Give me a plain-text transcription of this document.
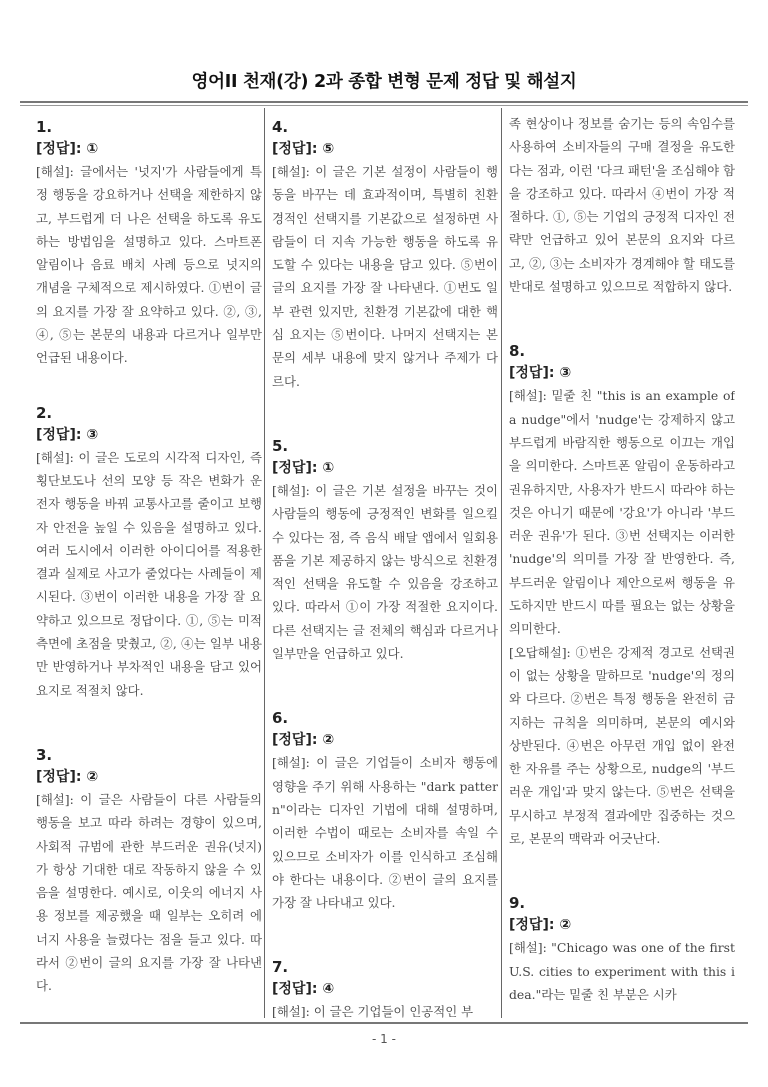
영어II 천재(강) 2과 종합 변형 문제 정답 및 해설지
1.
[정답]: ①

[해설]: 글에서는 '넛지'가 사람들에게 특정 행동을 강요하거나 선택을 제한하지 않고, 부드럽게 더 나은 선택을 하도록 유도하는 방법임을 설명하고 있다. 스마트폰 알림이나 음료 배치 사례 등으로 넛지의 개념을 구체적으로 제시하였다. ①번이 글의 요지를 가장 잘 요약하고 있다. ②, ③, ④, ⑤는 본문의 내용과 다르거나 일부만 언급된 내용이다.

2.
[정답]: ③

[해설]: 이 글은 도로의 시각적 디자인, 즉 횡단보도나 선의 모양 등 작은 변화가 운전자 행동을 바꿔 교통사고를 줄이고 보행자 안전을 높일 수 있음을 설명하고 있다. 여러 도시에서 이러한 아이디어를 적용한 결과 실제로 사고가 줄었다는 사례들이 제시된다. ③번이 이러한 내용을 가장 잘 요약하고 있으므로 정답이다. ①, ⑤는 미적 측면에 초점을 맞췄고, ②, ④는 일부 내용만 반영하거나 부차적인 내용을 담고 있어 요지로 적절치 않다.

3.
[정답]: ②

[해설]: 이 글은 사람들이 다른 사람들의 행동을 보고 따라 하려는 경향이 있으며, 사회적 규범에 관한 부드러운 권유(넛지)가 항상 기대한 대로 작동하지 않을 수 있음을 설명한다. 예시로, 이웃의 에너지 사용 정보를 제공했을 때 일부는 오히려 에너지 사용을 늘렸다는 점을 들고 있다. 따라서 ②번이 글의 요지를 가장 잘 나타낸다.

4.
[정답]: ⑤

[해설]: 이 글은 기본 설정이 사람들이 행동을 바꾸는 데 효과적이며, 특별히 친환경적인 선택지를 기본값으로 설정하면 사람들이 더 지속 가능한 행동을 하도록 유도할 수 있다는 내용을 담고 있다. ⑤번이 글의 요지를 가장 잘 나타낸다. ①번도 일부 관련 있지만, 친환경 기본값에 대한 핵심 요지는 ⑤번이다. 나머지 선택지는 본문의 세부 내용에 맞지 않거나 주제가 다르다.

5.
[정답]: ①

[해설]: 이 글은 기본 설정을 바꾸는 것이 사람들의 행동에 긍정적인 변화를 일으킬 수 있다는 점, 즉 음식 배달 앱에서 일회용품을 기본 제공하지 않는 방식으로 친환경적인 선택을 유도할 수 있음을 강조하고 있다. 따라서 ①이 가장 적절한 요지이다. 다른 선택지는 글 전체의 핵심과 다르거나 일부만을 언급하고 있다.

6.
[정답]: ②

[해설]: 이 글은 기업들이 소비자 행동에 영향을 주기 위해 사용하는 "dark pattern"이라는 디자인 기법에 대해 설명하며, 이러한 수법이 때로는 소비자를 속일 수 있으므로 소비자가 이를 인식하고 조심해야 한다는 내용이다. ②번이 글의 요지를 가장 잘 나타내고 있다.

7.
[정답]: ④

[해설]: 이 글은 기업들이 인공적인 부

족 현상이나 정보를 숨기는 등의 속임수를 사용하여 소비자들의 구매 결정을 유도한다는 점과, 이런 '다크 패턴'을 조심해야 함을 강조하고 있다. 따라서 ④번이 가장 적절하다. ①, ⑤는 기업의 긍정적 디자인 전략만 언급하고 있어 본문의 요지와 다르고, ②, ③는 소비자가 경계해야 할 태도를 반대로 설명하고 있으므로 적합하지 않다.

8.
[정답]: ③

[해설]: 밑줄 친 "this is an example of a nudge"에서 'nudge'는 강제하지 않고 부드럽게 바람직한 행동으로 이끄는 개입을 의미한다. 스마트폰 알림이 운동하라고 권유하지만, 사용자가 반드시 따라야 하는 것은 아니기 때문에 '강요'가 아니라 '부드러운 권유'가 된다. ③번 선택지는 이러한 'nudge'의 의미를 가장 잘 반영한다. 즉, 부드러운 알림이나 제안으로써 행동을 유도하지만 반드시 따를 필요는 없는 상황을 의미한다.

[오답해설]: ①번은 강제적 경고로 선택권이 없는 상황을 말하므로 'nudge'의 정의와 다르다. ②번은 특정 행동을 완전히 금지하는 규칙을 의미하며, 본문의 예시와 상반된다. ④번은 아무런 개입 없이 완전한 자유를 주는 상황으로, nudge의 '부드러운 개입'과 맞지 않는다. ⑤번은 선택을 무시하고 부정적 결과에만 집중하는 것으로, 본문의 맥락과 어긋난다.

9.
[정답]: ②

[해설]: "Chicago was one of the first U.S. cities to experiment with this idea."라는 밑줄 친 부분은 시카

- 1 -
